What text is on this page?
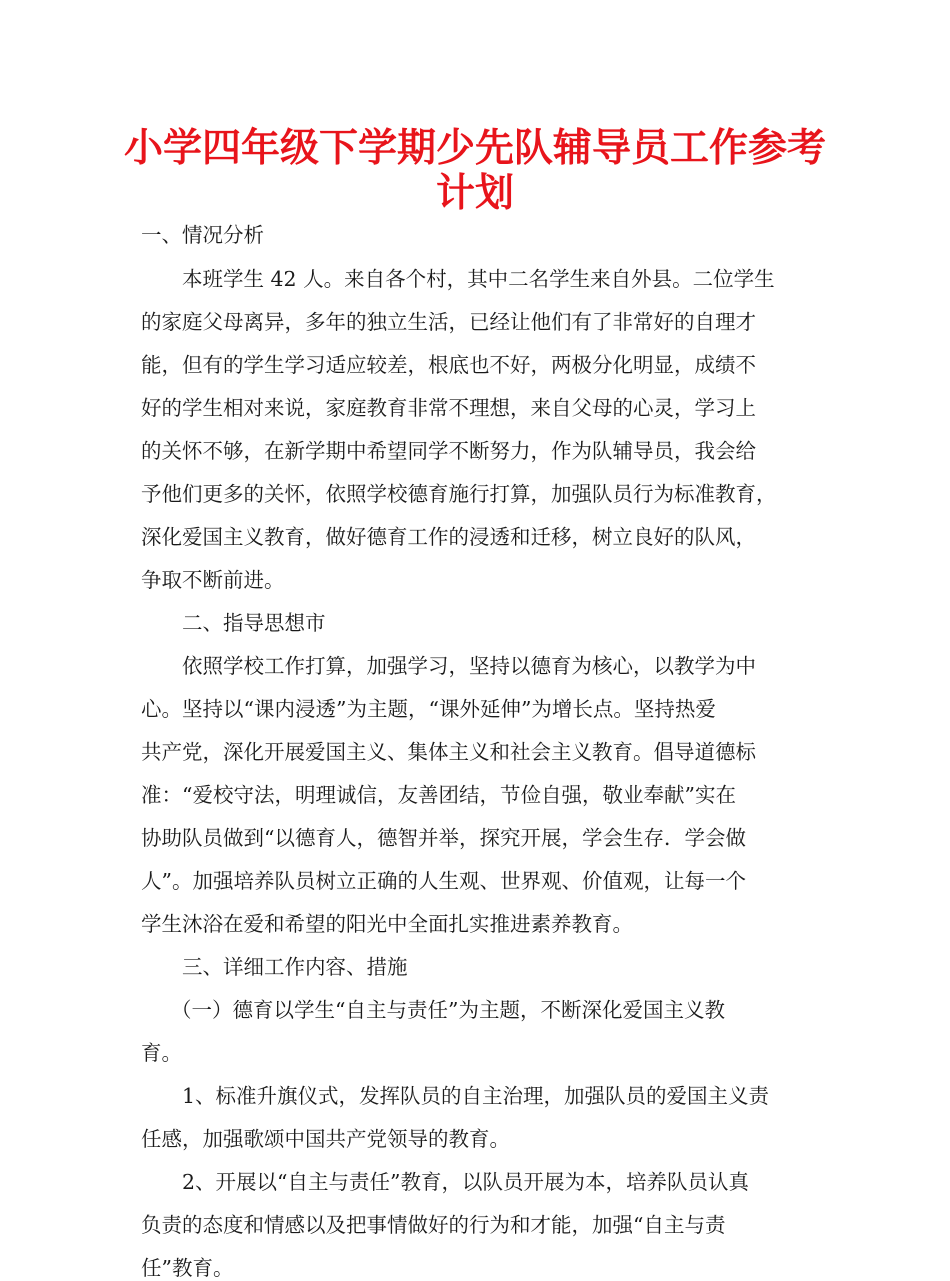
小学四年级下学期少先队辅导员工作参考
计划

一、情况分析

本班学生 42 人。来自各个村，其中二名学生来自外县。二位学生

的家庭父母离异，多年的独立生活，已经让他们有了非常好的自理才

能，但有的学生学习适应较差，根底也不好，两极分化明显，成绩不

好的学生相对来说，家庭教育非常不理想，来自父母的心灵，学习上

的关怀不够，在新学期中希望同学不断努力，作为队辅导员，我会给

予他们更多的关怀，依照学校德育施行打算，加强队员行为标准教育，

深化爱国主义教育，做好德育工作的浸透和迁移，树立良好的队风，

争取不断前进。

二、指导思想市

依照学校工作打算，加强学习，坚持以德育为核心，以教学为中

心。坚持以“课内浸透”为主题，“课外延伸”为增长点。坚持热爱

共产党，深化开展爱国主义、集体主义和社会主义教育。倡导道德标

准：“爱校守法，明理诚信，友善团结，节俭自强，敬业奉献”实在

协助队员做到“以德育人，德智并举，探究开展，学会生存．学会做

人”。加强培养队员树立正确的人生观、世界观、价值观，让每一个

学生沐浴在爱和希望的阳光中全面扎实推进素养教育。

三、详细工作内容、措施

（一）德育以学生“自主与责任”为主题，不断深化爱国主义教

育。

1、标准升旗仪式，发挥队员的自主治理，加强队员的爱国主义责

任感，加强歌颂中国共产党领导的教育。

2、开展以“自主与责任”教育，以队员开展为本，培养队员认真

负责的态度和情感以及把事情做好的行为和才能，加强“自主与责

任”教育。
